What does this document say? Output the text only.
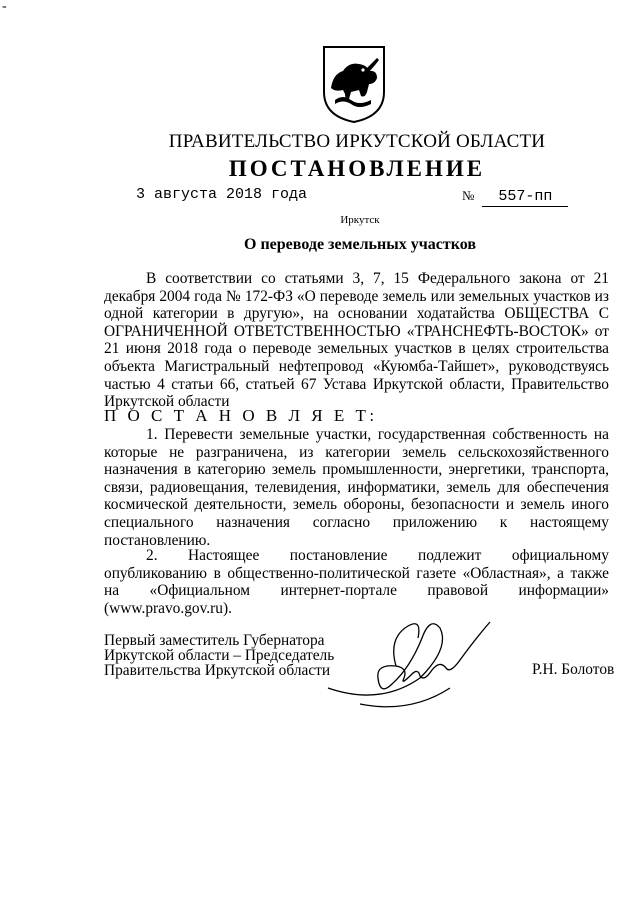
-
ПРАВИТЕЛЬСТВО ИРКУТСКОЙ ОБЛАСТИ
ПОСТАНОВЛЕНИЕ
3 августа 2018 года	№ 557-пп
Иркутск
О переводе земельных участков

В соответствии со статьями 3, 7, 15 Федерального закона от 21 декабря 2004 года № 172-ФЗ «О переводе земель или земельных участков из одной категории в другую», на основании ходатайства ОБЩЕСТВА С ОГРАНИЧЕННОЙ ОТВЕТСТВЕННОСТЬЮ «ТРАНСНЕФТЬ-ВОСТОК» от 21 июня 2018 года о переводе земельных участков в целях строительства объекта Магистральный нефтепровод «Куюмба-Тайшет», руководствуясь частью 4 статьи 66, статьей 67 Устава Иркутской области, Правительство Иркутской области

П О С Т А Н О В Л Я Е Т:

1. Перевести земельные участки, государственная собственность на которые не разграничена, из категории земель сельскохозяйственного назначения в категорию земель промышленности, энергетики, транспорта, связи, радиовещания, телевидения, информатики, земель для обеспечения космической деятельности, земель обороны, безопасности и земель иного специального назначения согласно приложению к настоящему постановлению.

2. Настоящее постановление подлежит официальному опубликованию в общественно-политической газете «Областная», а также на «Официальном интернет-портале правовой информации» (www.pravo.gov.ru).

Первый заместитель Губернатора
Иркутской области – Председатель
Правительства Иркутской области	Р.Н. Болотов
